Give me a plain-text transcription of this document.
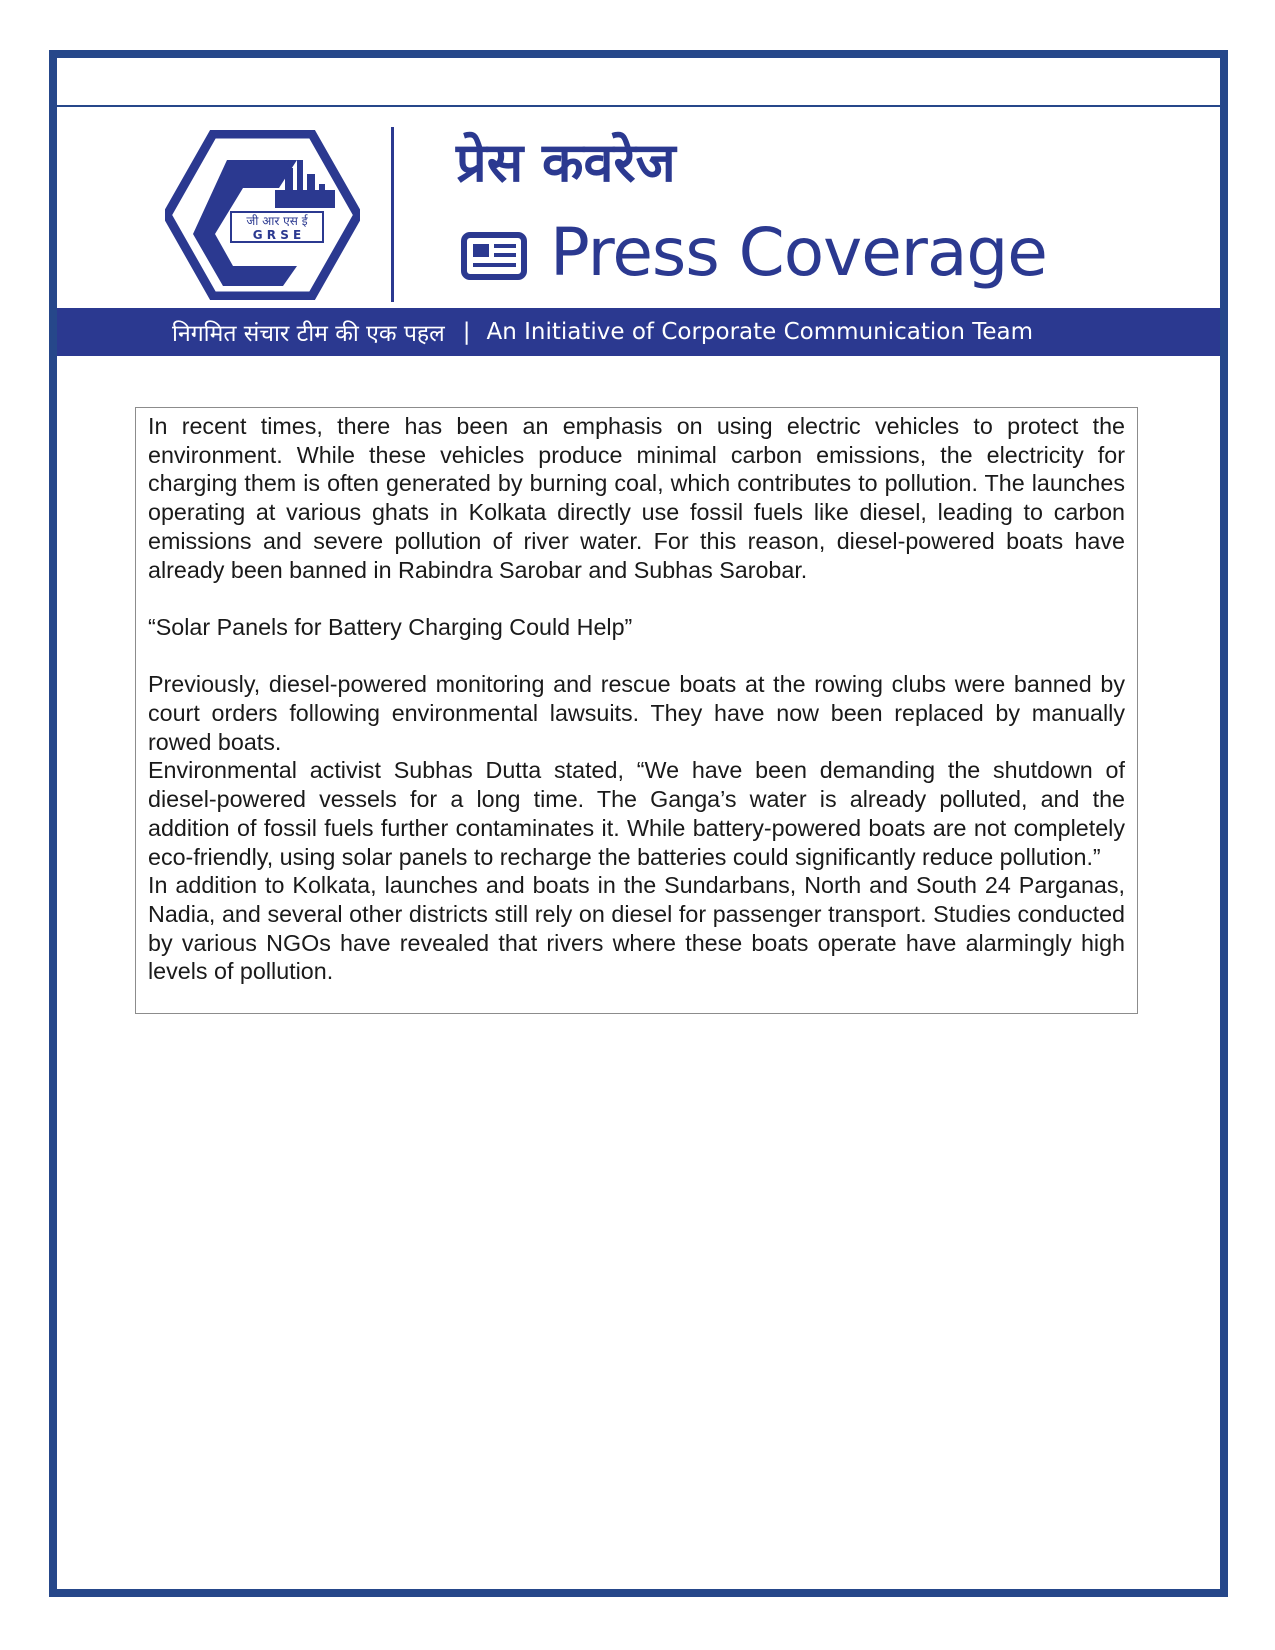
जी आर एस ई
G R S E
प्रेस कवरेज
Press Coverage
निगमित संचार टीम की एक पहल | An Initiative of Corporate Communication Team

In recent times, there has been an emphasis on using electric vehicles to protect the environment. While these vehicles produce minimal carbon emissions, the electricity for charging them is often generated by burning coal, which contributes to pollution. The launches operating at various ghats in Kolkata directly use fossil fuels like diesel, leading to carbon emissions and severe pollution of river water. For this reason, diesel-powered boats have already been banned in Rabindra Sarobar and Subhas Sarobar.

“Solar Panels for Battery Charging Could Help”

Previously, diesel-powered monitoring and rescue boats at the rowing clubs were banned by court orders following environmental lawsuits. They have now been replaced by manually rowed boats.

Environmental activist Subhas Dutta stated, “We have been demanding the shutdown of diesel-powered vessels for a long time. The Ganga’s water is already polluted, and the addition of fossil fuels further contaminates it. While battery-powered boats are not completely eco-friendly, using solar panels to recharge the batteries could significantly reduce pollution.”

In addition to Kolkata, launches and boats in the Sundarbans, North and South 24 Parganas, Nadia, and several other districts still rely on diesel for passenger transport. Studies conducted by various NGOs have revealed that rivers where these boats operate have alarmingly high levels of pollution.
